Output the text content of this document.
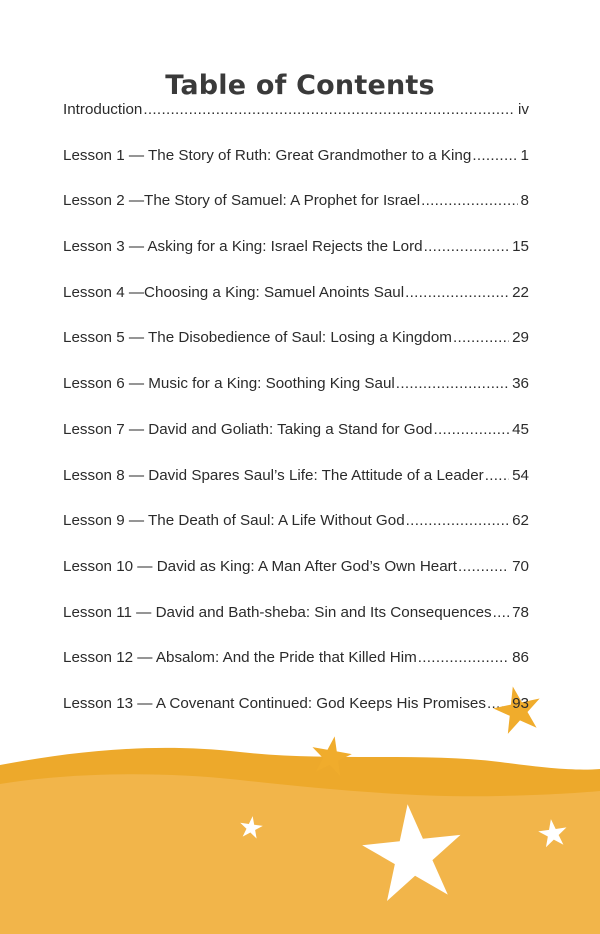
Table of Contents
Introduction .....	iv
Lesson 1 — The Story of Ruth: Great Grandmother to a King .....	1
Lesson 2 —The Story of Samuel: A Prophet for Israel .....	8
Lesson 3 — Asking for a King: Israel Rejects the Lord .....	15
Lesson 4 —Choosing a King: Samuel Anoints Saul .....	22
Lesson 5 — The Disobedience of Saul: Losing a Kingdom .....	29
Lesson 6 — Music for a King: Soothing King Saul .....	36
Lesson 7 — David and Goliath: Taking a Stand for God .....	45
Lesson 8 — David Spares Saul’s Life: The Attitude of a Leader ..... 54
Lesson 9 — The Death of Saul: A Life Without God .....	62
Lesson 10 — David as King: A Man After God’s Own Heart .....	70
Lesson 11 — David and Bath-sheba: Sin and Its Consequences ..... 78
Lesson 12 — Absalom: And the Pride that Killed Him .....	86
Lesson 13 — A Covenant Continued: God Keeps His Promises ..... 93
